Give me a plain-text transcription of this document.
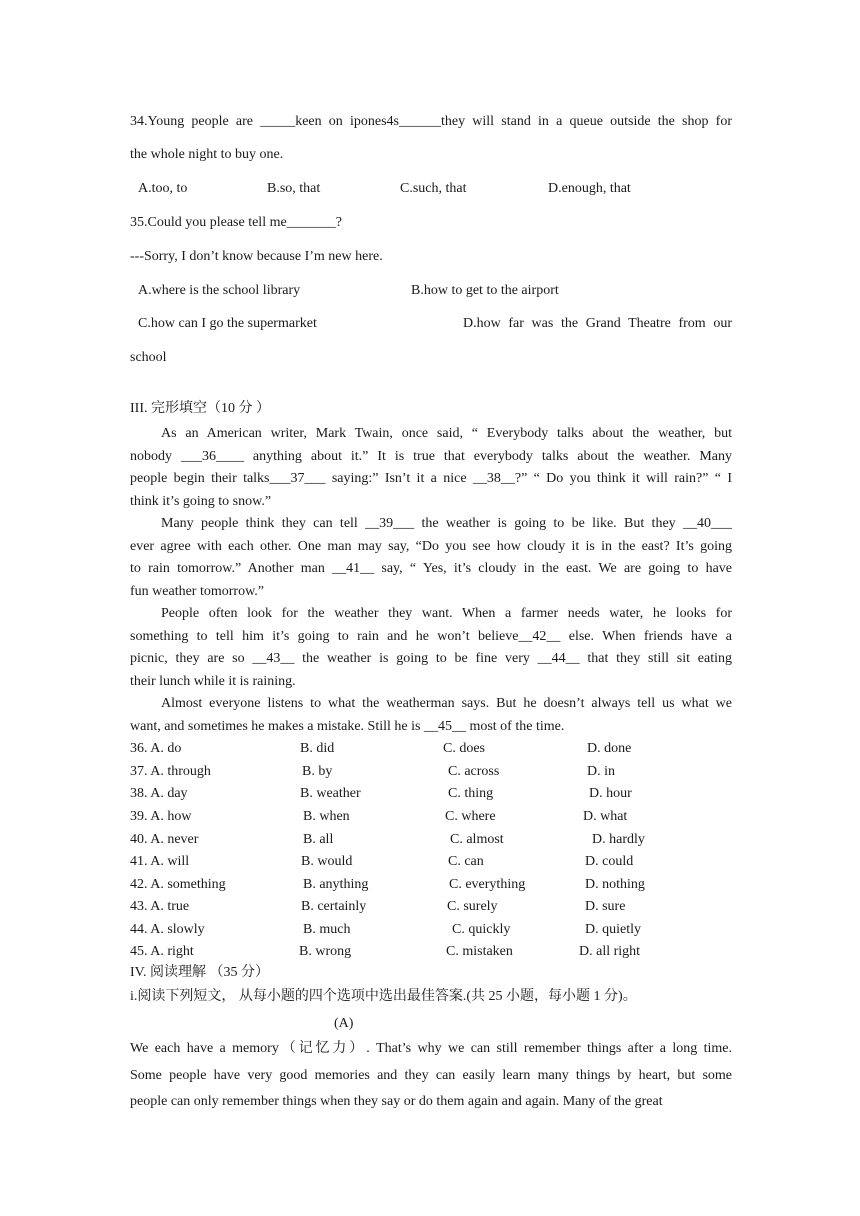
34.Young people are _____keen on ipones4s______they will stand in a queue outside the shop for
the whole night to buy one.
A.too, to	B.so, that	C.such, that	D.enough, that
35.Could you please tell me_______?
---Sorry, I don’t know because I’m new here.
A.where is the school library	B.how to get to the airport
C.how can I go the supermarket	D.how far was the Grand Theatre from our
school
III. 完形填空（10 分 ）
As an American writer, Mark Twain, once said, “ Everybody talks about the weather, but
nobody ___36____ anything about it.” It is true that everybody talks about the weather. Many
people begin their talks___37___ saying:” Isn’t it a nice __38__?” “ Do you think it will rain?” “ I
think it’s going to snow.”
Many people think they can tell __39___ the weather is going to be like. But they __40___
ever agree with each other. One man may say, “Do you see how cloudy it is in the east? It’s going
to rain tomorrow.” Another man __41__ say, “ Yes, it’s cloudy in the east. We are going to have
fun weather tomorrow.”
People often look for the weather they want. When a farmer needs water, he looks for
something to tell him it’s going to rain and he won’t believe__42__ else. When friends have a
picnic, they are so __43__ the weather is going to be fine very __44__ that they still sit eating
their lunch while it is raining.
Almost everyone listens to what the weatherman says. But he doesn’t always tell us what we
want, and sometimes he makes a mistake. Still he is __45__ most of the time.
36. A. do	B. did	C. does	D. done
37. A. through	B. by	C. across	D. in
38. A. day	B. weather	C. thing	D. hour
39. A. how	B. when	C. where	D. what
40. A. never	B. all	C. almost	D. hardly
41. A. will	B. would	C. can	D. could
42. A. something	B. anything	C. everything	D. nothing
43. A. true	B. certainly	C. surely	D. sure
44. A. slowly	B. much	C. quickly	D. quietly
45. A. right	B. wrong	C. mistaken	D. all right
IV. 阅读理解 （35 分）
i.阅读下列短文， 从每小题的四个选项中选出最佳答案.(共 25 小题，每小题 1 分)。
(A)
We each have a memory（记忆力）. That’s why we can still remember things after a long time.
Some people have very good memories and they can easily learn many things by heart, but some
people can only remember things when they say or do them again and again. Many of the great
